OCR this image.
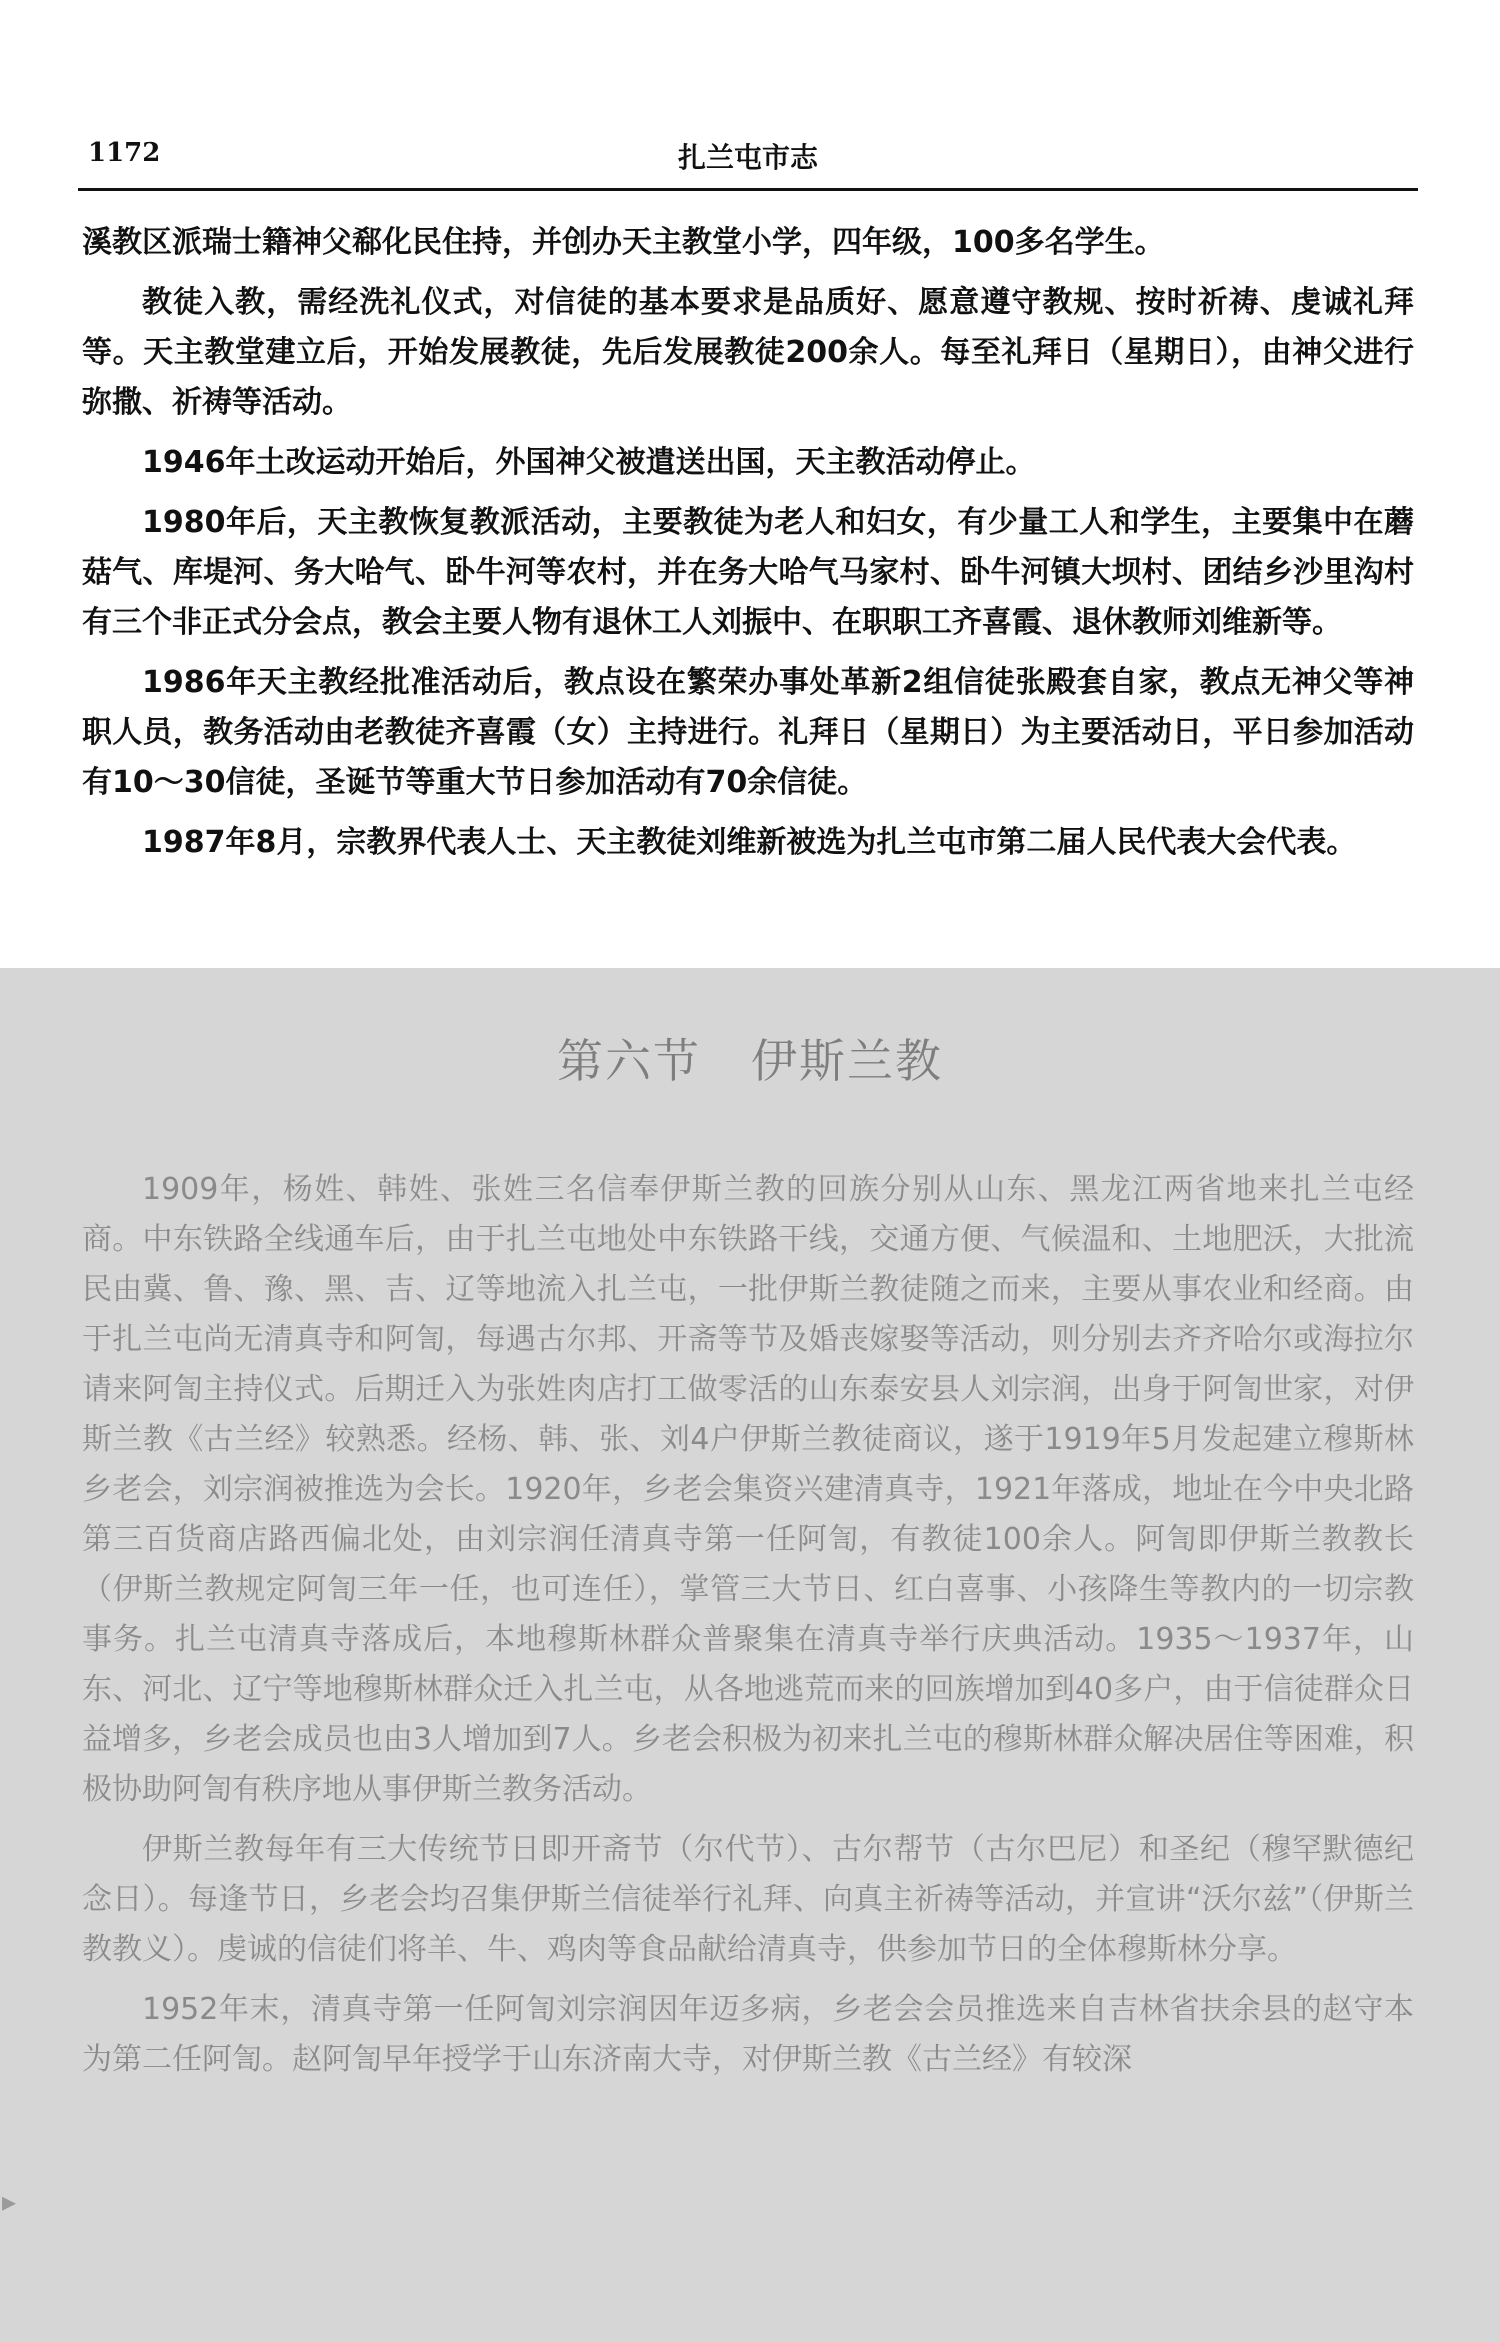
1172	扎兰屯市志

溪教区派瑞士籍神父郗化民住持，并创办天主教堂小学，四年级，100多名学生。

教徒入教，需经洗礼仪式，对信徒的基本要求是品质好、愿意遵守教规、按时祈祷、虔诚礼拜等。天主教堂建立后，开始发展教徒，先后发展教徒200余人。每至礼拜日（星期日），由神父进行弥撒、祈祷等活动。

1946年土改运动开始后，外国神父被遣送出国，天主教活动停止。

1980年后，天主教恢复教派活动，主要教徒为老人和妇女，有少量工人和学生，主要集中在蘑菇气、库堤河、务大哈气、卧牛河等农村，并在务大哈气马家村、卧牛河镇大坝村、团结乡沙里沟村有三个非正式分会点，教会主要人物有退休工人刘振中、在职职工齐喜霞、退休教师刘维新等。

1986年天主教经批准活动后，教点设在繁荣办事处革新2组信徒张殿套自家，教点无神父等神职人员，教务活动由老教徒齐喜霞（女）主持进行。礼拜日（星期日）为主要活动日，平日参加活动有10～30信徒，圣诞节等重大节日参加活动有70余信徒。

1987年8月，宗教界代表人士、天主教徒刘维新被选为扎兰屯市第二届人民代表大会代表。

第六节 伊斯兰教

1909年，杨姓、韩姓、张姓三名信奉伊斯兰教的回族分别从山东、黑龙江两省地来扎兰屯经商。中东铁路全线通车后，由于扎兰屯地处中东铁路干线，交通方便、气候温和、土地肥沃，大批流民由冀、鲁、豫、黑、吉、辽等地流入扎兰屯，一批伊斯兰教徒随之而来，主要从事农业和经商。由于扎兰屯尚无清真寺和阿訇，每遇古尔邦、开斋等节及婚丧嫁娶等活动，则分别去齐齐哈尔或海拉尔请来阿訇主持仪式。后期迁入为张姓肉店打工做零活的山东泰安县人刘宗润，出身于阿訇世家，对伊斯兰教《古兰经》较熟悉。经杨、韩、张、刘4户伊斯兰教徒商议，遂于1919年5月发起建立穆斯林乡老会，刘宗润被推选为会长。1920年，乡老会集资兴建清真寺，1921年落成，地址在今中央北路第三百货商店路西偏北处，由刘宗润任清真寺第一任阿訇，有教徒100余人。阿訇即伊斯兰教教长（伊斯兰教规定阿訇三年一任，也可连任），掌管三大节日、红白喜事、小孩降生等教内的一切宗教事务。扎兰屯清真寺落成后，本地穆斯林群众普聚集在清真寺举行庆典活动。1935～1937年，山东、河北、辽宁等地穆斯林群众迁入扎兰屯，从各地逃荒而来的回族增加到40多户，由于信徒群众日益增多，乡老会成员也由3人增加到7人。乡老会积极为初来扎兰屯的穆斯林群众解决居住等困难，积极协助阿訇有秩序地从事伊斯兰教务活动。

伊斯兰教每年有三大传统节日即开斋节（尔代节）、古尔帮节（古尔巴尼）和圣纪（穆罕默德纪念日）。每逢节日，乡老会均召集伊斯兰信徒举行礼拜、向真主祈祷等活动，并宣讲“沃尔兹”（伊斯兰教教义）。虔诚的信徒们将羊、牛、鸡肉等食品献给清真寺，供参加节日的全体穆斯林分享。

1952年末，清真寺第一任阿訇刘宗润因年迈多病，乡老会会员推选来自吉林省扶余县的赵守本为第二任阿訇。赵阿訇早年授学于山东济南大寺，对伊斯兰教《古兰经》有较深

▸
